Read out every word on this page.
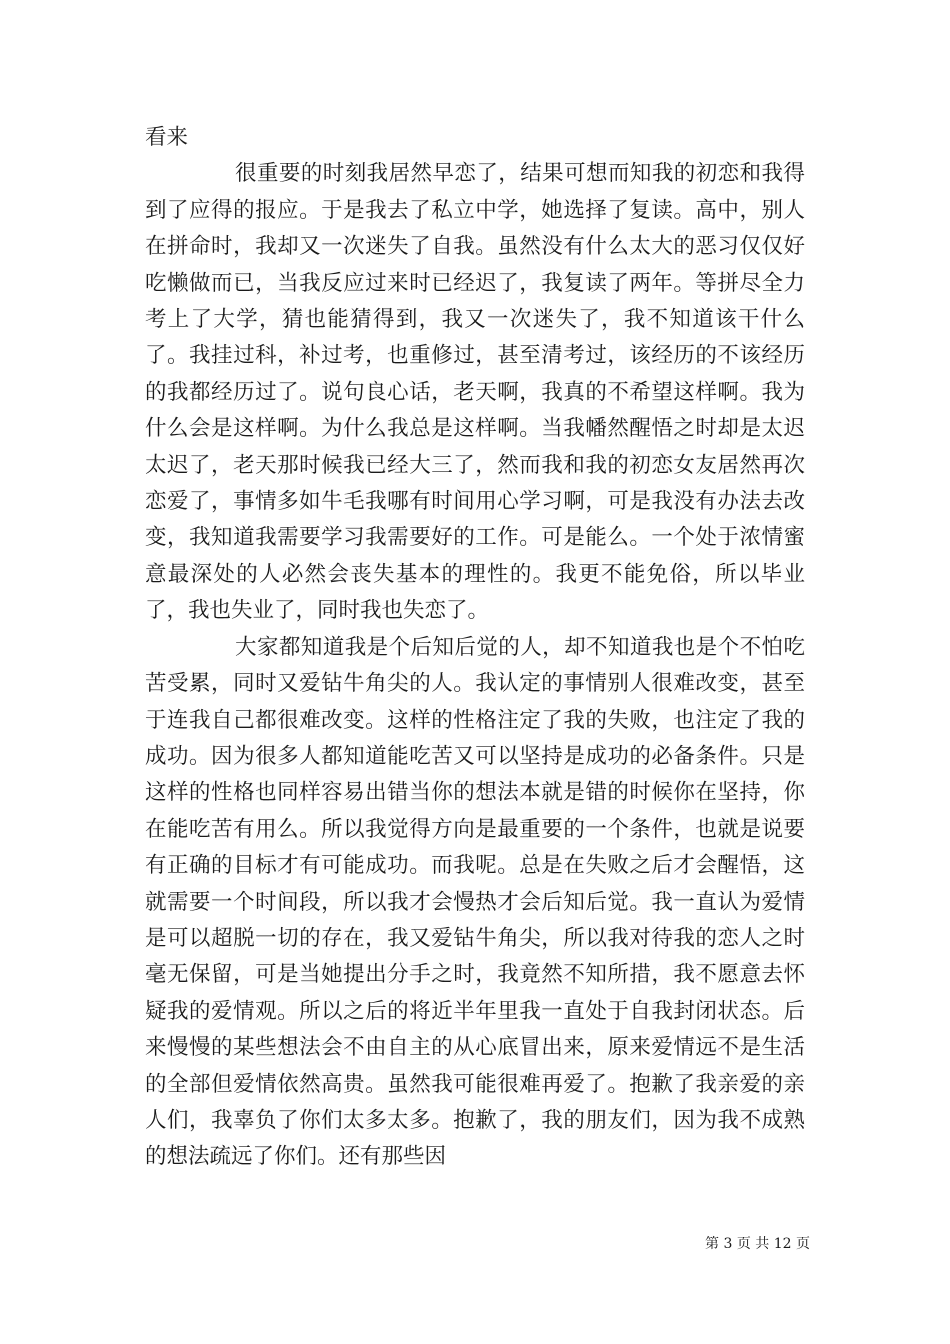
看来

很重要的时刻我居然早恋了，结果可想而知我的初恋和我得到了应得的报应。于是我去了私立中学，她选择了复读。高中，别人在拼命时，我却又一次迷失了自我。虽然没有什么太大的恶习仅仅好吃懒做而已，当我反应过来时已经迟了，我复读了两年。等拼尽全力考上了大学，猜也能猜得到，我又一次迷失了，我不知道该干什么了。我挂过科，补过考，也重修过，甚至清考过，该经历的不该经历的我都经历过了。说句良心话，老天啊，我真的不希望这样啊。我为什么会是这样啊。为什么我总是这样啊。当我幡然醒悟之时却是太迟太迟了，老天那时候我已经大三了，然而我和我的初恋女友居然再次恋爱了，事情多如牛毛我哪有时间用心学习啊，可是我没有办法去改变，我知道我需要学习我需要好的工作。可是能么。一个处于浓情蜜意最深处的人必然会丧失基本的理性的。我更不能免俗，所以毕业了，我也失业了，同时我也失恋了。

大家都知道我是个后知后觉的人，却不知道我也是个不怕吃苦受累，同时又爱钻牛角尖的人。我认定的事情别人很难改变，甚至于连我自己都很难改变。这样的性格注定了我的失败，也注定了我的成功。因为很多人都知道能吃苦又可以坚持是成功的必备条件。只是这样的性格也同样容易出错当你的想法本就是错的时候你在坚持，你在能吃苦有用么。所以我觉得方向是最重要的一个条件，也就是说要有正确的目标才有可能成功。而我呢。总是在失败之后才会醒悟，这就需要一个时间段，所以我才会慢热才会后知后觉。我一直认为爱情是可以超脱一切的存在，我又爱钻牛角尖，所以我对待我的恋人之时毫无保留，可是当她提出分手之时，我竟然不知所措，我不愿意去怀疑我的爱情观。所以之后的将近半年里我一直处于自我封闭状态。后来慢慢的某些想法会不由自主的从心底冒出来，原来爱情远不是生活的全部但爱情依然高贵。虽然我可能很难再爱了。抱歉了我亲爱的亲人们，我辜负了你们太多太多。抱歉了，我的朋友们，因为我不成熟的想法疏远了你们。还有那些因

第 3 页 共 12 页
